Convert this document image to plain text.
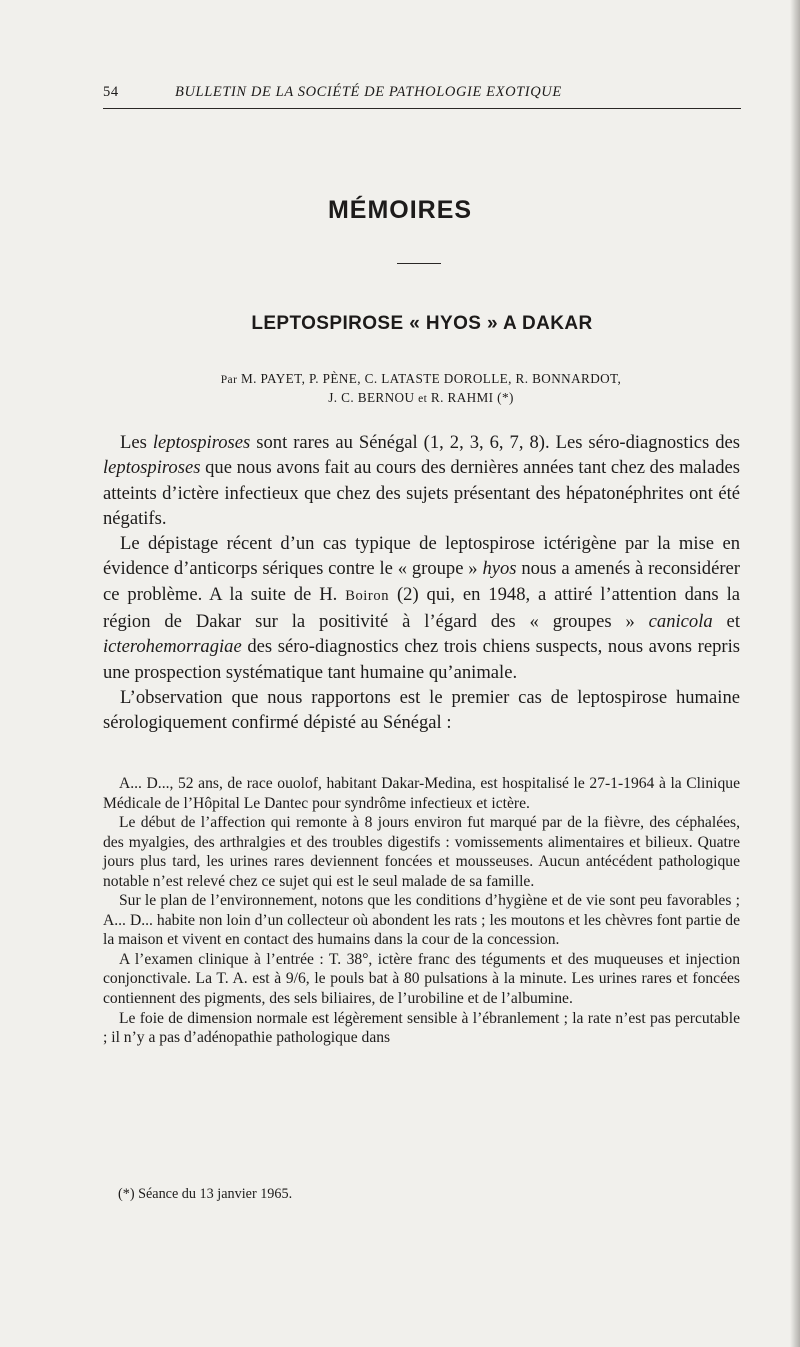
54	BULLETIN DE LA SOCIÉTÉ DE PATHOLOGIE EXOTIQUE
MÉMOIRES
LEPTOSPIROSE « HYOS » A DAKAR
Par M. PAYET, P. PÈNE, C. LATASTE DOROLLE, R. BONNARDOT,
J. C. BERNOU et R. RAHMI (*)

Les leptospiroses sont rares au Sénégal (1, 2, 3, 6, 7, 8). Les séro-diagnostics des leptospiroses que nous avons fait au cours des dernières années tant chez des malades atteints d’ictère infectieux que chez des sujets présentant des hépatonéphrites ont été négatifs.

Le dépistage récent d’un cas typique de leptospirose ictérigène par la mise en évidence d’anticorps sériques contre le « groupe » hyos nous a amenés à reconsidérer ce problème. A la suite de H. Boiron (2) qui, en 1948, a attiré l’attention dans la région de Dakar sur la positivité à l’égard des « groupes » canicola et icterohemorragiae des séro-diagnostics chez trois chiens suspects, nous avons repris une prospection systématique tant humaine qu’animale.

L’observation que nous rapportons est le premier cas de leptospirose humaine sérologiquement confirmé dépisté au Sénégal :

A... D..., 52 ans, de race ouolof, habitant Dakar-Medina, est hospitalisé le 27-1-1964 à la Clinique Médicale de l’Hôpital Le Dantec pour syndrôme infectieux et ictère.

Le début de l’affection qui remonte à 8 jours environ fut marqué par de la fièvre, des céphalées, des myalgies, des arthralgies et des troubles digestifs : vomissements alimentaires et bilieux. Quatre jours plus tard, les urines rares deviennent foncées et mousseuses. Aucun antécédent pathologique notable n’est relevé chez ce sujet qui est le seul malade de sa famille.

Sur le plan de l’environnement, notons que les conditions d’hygiène et de vie sont peu favorables ; A... D... habite non loin d’un collecteur où abondent les rats ; les moutons et les chèvres font partie de la maison et vivent en contact des humains dans la cour de la concession.

A l’examen clinique à l’entrée : T. 38°, ictère franc des téguments et des muqueuses et injection conjonctivale. La T. A. est à 9/6, le pouls bat à 80 pulsations à la minute. Les urines rares et foncées contiennent des pigments, des sels biliaires, de l’urobiline et de l’albumine.

Le foie de dimension normale est légèrement sensible à l’ébranlement ; la rate n’est pas percutable ; il n’y a pas d’adénopathie pathologique dans

(*) Séance du 13 janvier 1965.
